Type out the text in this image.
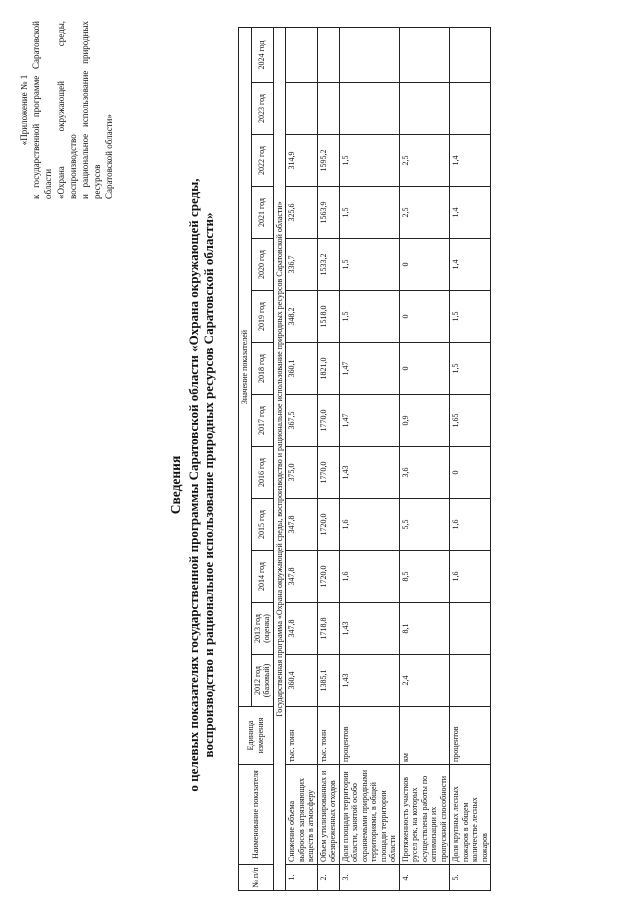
«Приложение № 1 к государственной программе Саратовской области «Охрана окружающей среды, воспроизводство и рациональное использование природных ресурсов Саратовской области»
Сведения о целевых показателях государственной программы Саратовской области «Охрана окружающей среды, воспроизводство и рациональное использование природных ресурсов Саратовской области»
№ п/п	Наименование показателя	Единица измерения	Значение показателей												
			2012 год (базовый)	2013 год (оценка)	2014 год	2015 год	2016 год	2017 год	2018 год	2019 год	2020 год	2021 год	2022 год	2023 год	2024 год
Государственная программа «Охрана окружающей среды, воспроизводство и рациональное использование природных ресурсов Саратовской области»															
1.	Снижение объема выбросов загрязняющих веществ в атмосферу	тыс. тонн	360,4	347,8	347,8	347,8	375,0	367,5	360,1	348,2	336,7	325,6	314,9		
2.	Объем утилизированных и обезвреженных отходов	тыс. тонн	1385,1	1718,8	1720,0	1720,0	1770,0	1770,0	1821,0	1518,0	1533,2	1563,9	1595,2		
3.	Доля площади территории области, занятой особо охраняемыми природными территориями, в общей площади территории области	процентов	1,43	1,43	1,6	1,6	1,43	1,47	1,47	1,5	1,5	1,5	1,5		
4.	Протяженность участков русел рек, на которых осуществлены работы по оптимизации их пропускной способности	км	2,4	8,1	8,5	5,5	3,6	0,9	0	0	0	2,5	2,5		
5.	Доля крупных лесных пожаров в общем количестве лесных пожаров	процентов			1,6	1,6	0	1,65	1,5	1,5	1,4	1,4	1,4		
